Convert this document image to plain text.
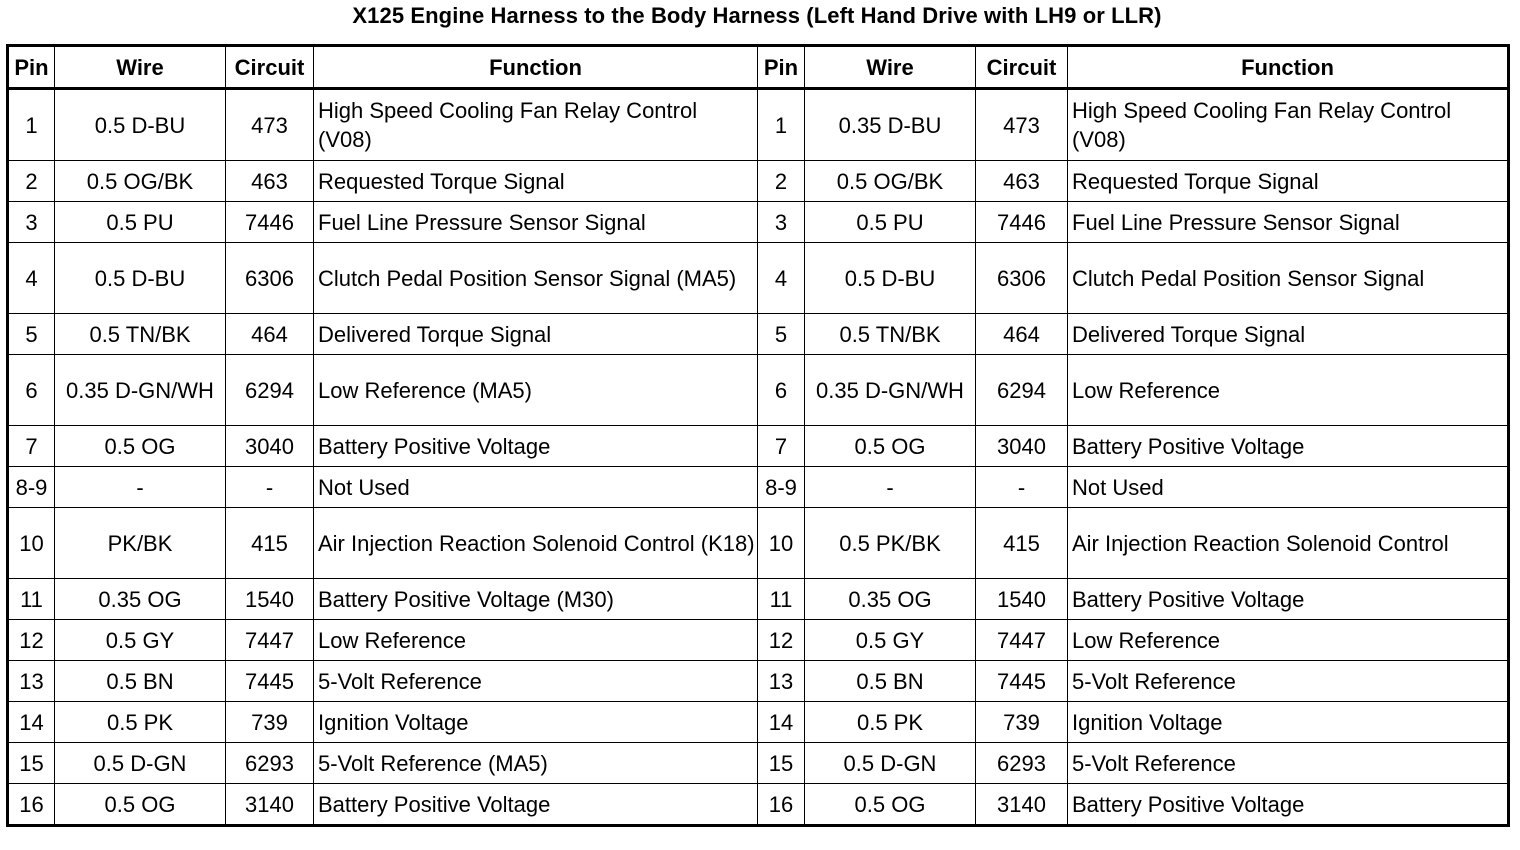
X125 Engine Harness to the Body Harness (Left Hand Drive with LH9 or LLR)
Pin	Wire	Circuit	Function	Pin	Wire	Circuit	Function
1	0.5 D-BU	473	High Speed Cooling Fan Relay Control (V08)	1	0.35 D-BU	473	High Speed Cooling Fan Relay Control (V08)
2	0.5 OG/BK	463	Requested Torque Signal	2	0.5 OG/BK	463	Requested Torque Signal
3	0.5 PU	7446	Fuel Line Pressure Sensor Signal	3	0.5 PU	7446	Fuel Line Pressure Sensor Signal
4	0.5 D-BU	6306	Clutch Pedal Position Sensor Signal (MA5)	4	0.5 D-BU	6306	Clutch Pedal Position Sensor Signal
5	0.5 TN/BK	464	Delivered Torque Signal	5	0.5 TN/BK	464	Delivered Torque Signal
6	0.35 D-GN/WH	6294	Low Reference (MA5)	6	0.35 D-GN/WH	6294	Low Reference
7	0.5 OG	3040	Battery Positive Voltage	7	0.5 OG	3040	Battery Positive Voltage
8-9	-	-	Not Used	8-9	-	-	Not Used
10	PK/BK	415	Air Injection Reaction Solenoid Control (K18)	10	0.5 PK/BK	415	Air Injection Reaction Solenoid Control
11	0.35 OG	1540	Battery Positive Voltage (M30)	11	0.35 OG	1540	Battery Positive Voltage
12	0.5 GY	7447	Low Reference	12	0.5 GY	7447	Low Reference
13	0.5 BN	7445	5-Volt Reference	13	0.5 BN	7445	5-Volt Reference
14	0.5 PK	739	Ignition Voltage	14	0.5 PK	739	Ignition Voltage
15	0.5 D-GN	6293	5-Volt Reference (MA5)	15	0.5 D-GN	6293	5-Volt Reference
16	0.5 OG	3140	Battery Positive Voltage	16	0.5 OG	3140	Battery Positive Voltage
